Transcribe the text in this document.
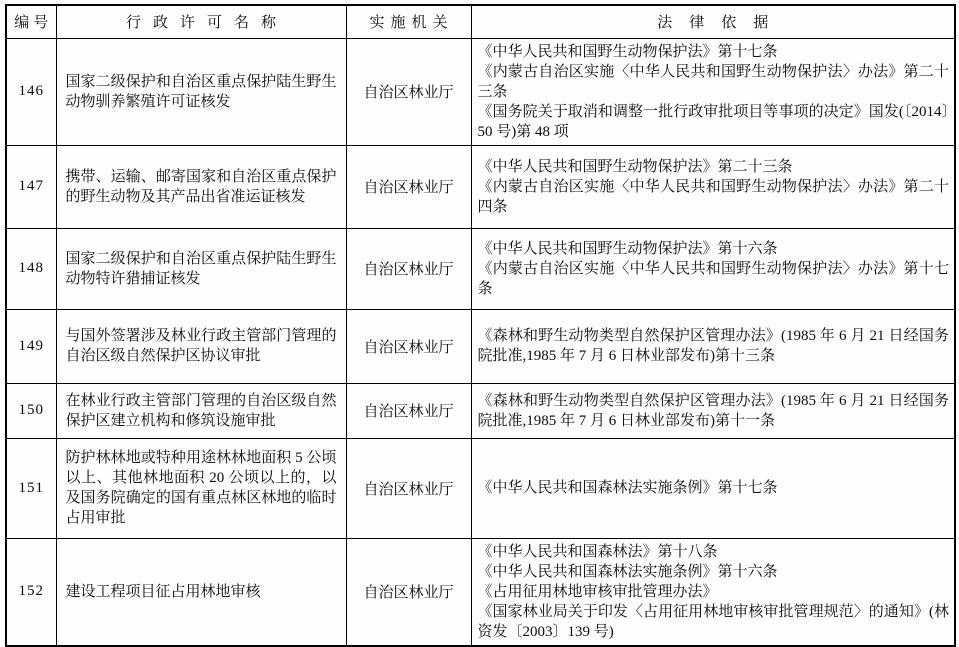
编号	行政许可名称	实施机关	法律依据
146	国家二级保护和自治区重点保护陆生野生动物驯养繁殖许可证核发	自治区林业厅	《中华人民共和国野生动物保护法》第十七条
《内蒙古自治区实施〈中华人民共和国野生动物保护法〉办法》第二十三条
《国务院关于取消和调整一批行政审批项目等事项的决定》国发(〔2014〕50 号)第 48 项

147	携带、运输、邮寄国家和自治区重点保护的野生动物及其产品出省准运证核发	自治区林业厅	《中华人民共和国野生动物保护法》第二十三条
《内蒙古自治区实施〈中华人民共和国野生动物保护法〉办法》第二十四条

148	国家二级保护和自治区重点保护陆生野生动物特许猎捕证核发	自治区林业厅	《中华人民共和国野生动物保护法》第十六条
《内蒙古自治区实施〈中华人民共和国野生动物保护法〉办法》第十七条

149	与国外签署涉及林业行政主管部门管理的自治区级自然保护区协议审批	自治区林业厅	《森林和野生动物类型自然保护区管理办法》(1985 年 6 月 21 日经国务院批准,1985 年 7 月 6 日林业部发布)第十三条

150	在林业行政主管部门管理的自治区级自然保护区建立机构和修筑设施审批	自治区林业厅	《森林和野生动物类型自然保护区管理办法》(1985 年 6 月 21 日经国务院批准,1985 年 7 月 6 日林业部发布)第十一条

151	防护林林地或特种用途林林地面积 5 公顷以上、其他林地面积 20 公顷以上的，以及国务院确定的国有重点林区林地的临时占用审批	自治区林业厅	《中华人民共和国森林法实施条例》第十七条

152	建设工程项目征占用林地审核	自治区林业厅	《中华人民共和国森林法》第十八条
《中华人民共和国森林法实施条例》第十六条
《占用征用林地审核审批管理办法》
《国家林业局关于印发〈占用征用林地审核审批管理规范〉的通知》(林资发〔2003〕139 号)
